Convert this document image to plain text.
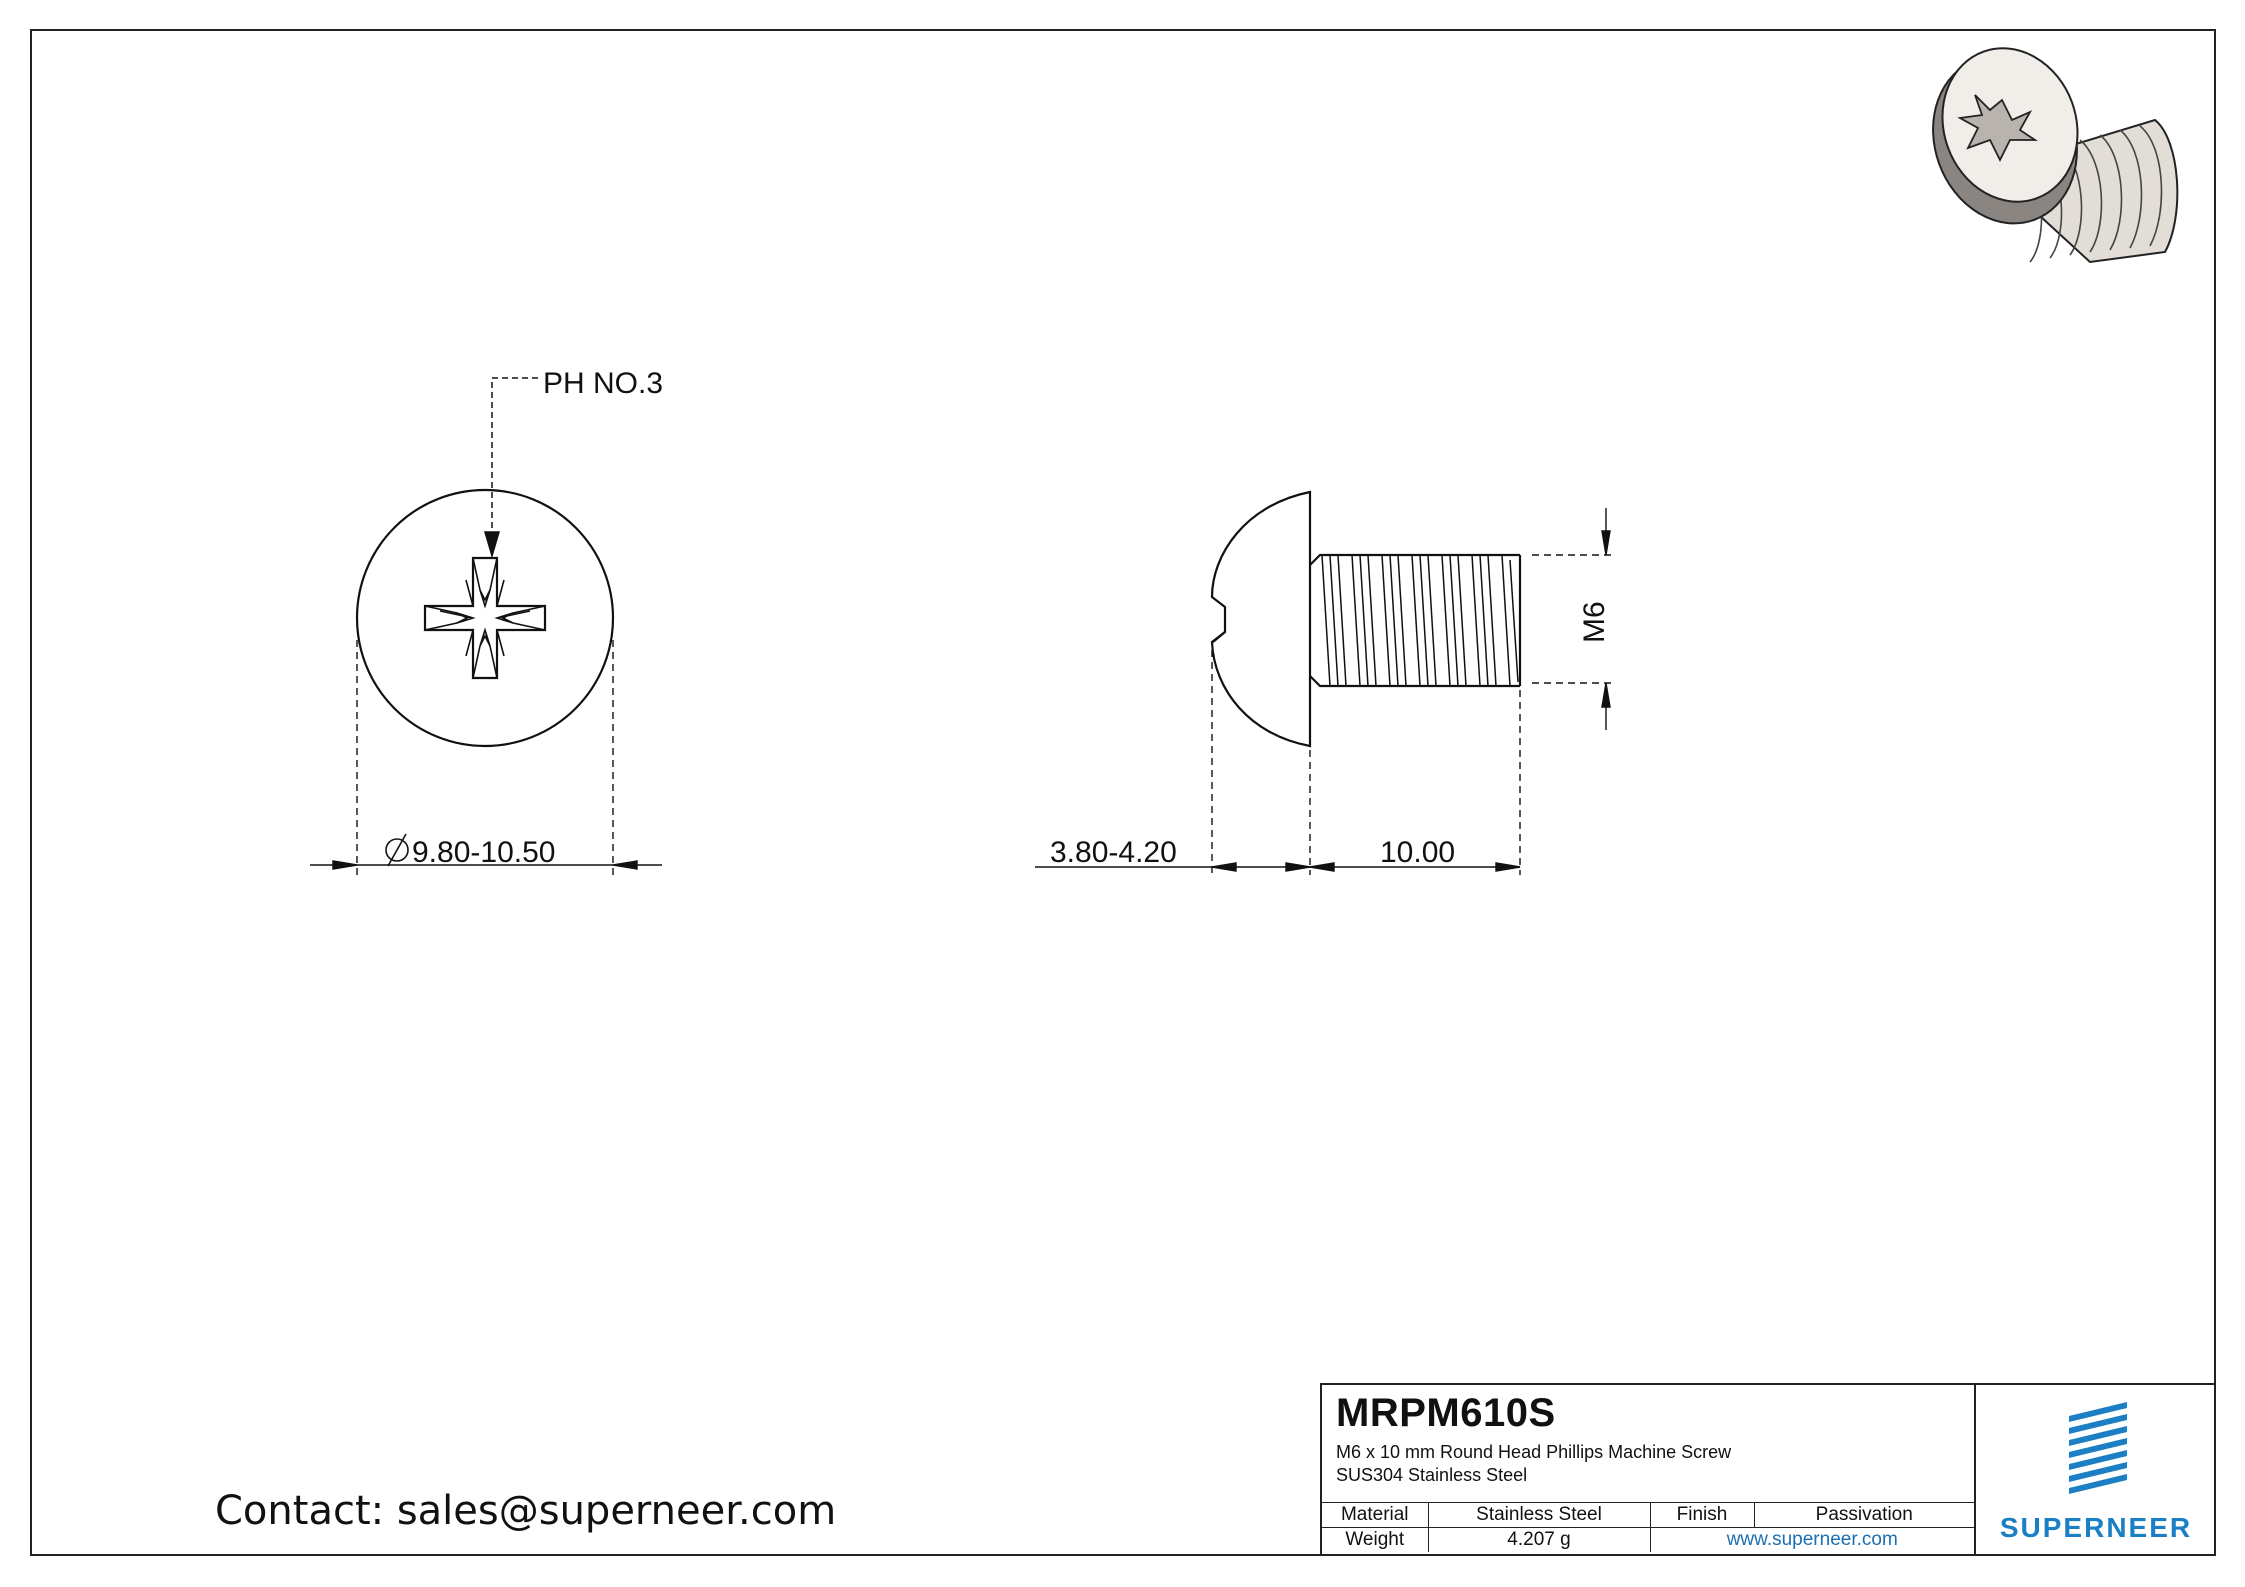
PH NO.3
9.80-10.50
M6
3.80-4.20	10.00
MRPM610S
M6 x 10 mm Round Head Phillips Machine Screw
SUS304 Stainless Steel
Material	Stainless Steel	Finish	Passivation
Weight	4.207 g	www.superneer.com		SUPERNEER
Contact: sales@superneer.com
